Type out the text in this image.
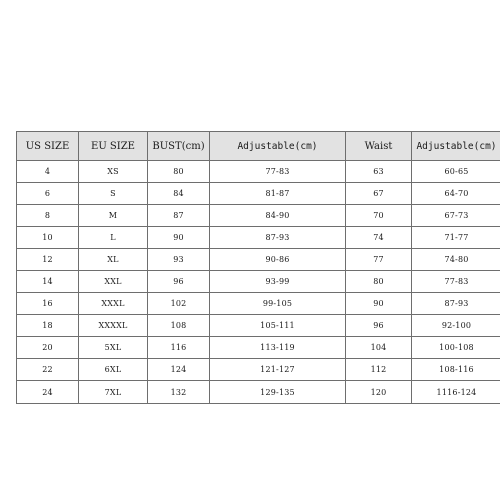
US SIZE	EU SIZE	BUST(cm)	Adjustable(cm)	Waist	Adjustable(cm)
4	XS	80	77-83	63	60-65
6	S	84	81-87	67	64-70
8	M	87	84-90	70	67-73
10	L	90	87-93	74	71-77
12	XL	93	90-86	77	74-80
14	XXL	96	93-99	80	77-83
16	XXXL	102	99-105	90	87-93
18	XXXXL	108	105-111	96	92-100
20	5XL	116	113-119	104	100-108
22	6XL	124	121-127	112	108-116
24	7XL	132	129-135	120	1116-124
